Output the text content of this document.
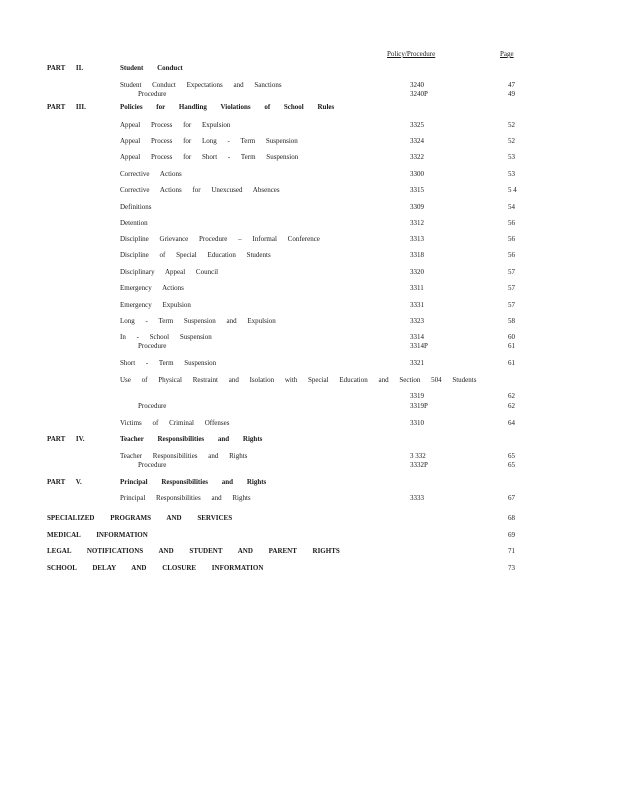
Policy/Procedure	Page
PART II.	Student Conduct
Student Conduct Expectations and Sanctions	3240	47
Procedure	3240P	49
PART III.	Policies for Handling Violations of School Rules
Appeal Process for Expulsion	3325	52
Appeal Process for Long - Term Suspension	3324	52
Appeal Process for Short - Term Suspension	3322	53
Corrective Actions	3300	53
Corrective Actions for Unexcused Absences	3315	5 4
Definitions	3309	54
Detention	3312	56
Discipline Grievance Procedure – Informal Conference	3313	56
Discipline of Special Education Students	3318	56
Disciplinary Appeal Council	3320	57
Emergency Actions	3311	57
Emergency Expulsion	3331	57
Long - Term Suspension and Expulsion	3323	58
In - School Suspension	3314	60
Procedure	3314P	61
Short - Term Suspension	3321	61
Use of Physical Restraint and Isolation with Special Education and Section 504 Students
3319	62
Procedure	3319P	62
Victims of Criminal Offenses	3310	64
PART IV.	Teacher Responsibilities and Rights
Teacher Responsibilities and Rights	3 332	65
Procedure	3332P	65
PART V.	Principal Responsibilities and Rights
Principal Responsibilities and Rights	3333	67
SPECIALIZED PROGRAMS AND SERVICES	68
MEDICAL INFORMATION	69
LEGAL NOTIFICATIONS AND STUDENT AND PARENT RIGHTS	71
SCHOOL DELAY AND CLOSURE INFORMATION	73
